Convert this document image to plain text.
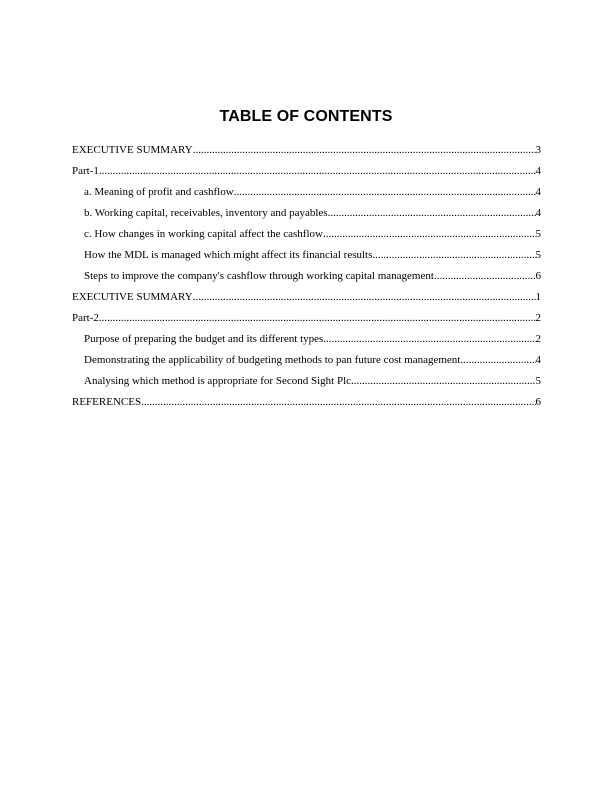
TABLE OF CONTENTS
EXECUTIVE SUMMARY .....	3
Part-1 .....	4
a. Meaning of profit and cashflow .....	4
b. Working capital, receivables, inventory and payables .....	4
c. How changes in working capital affect the cashflow .....	5
How the MDL is managed which might affect its financial results .....	5
Steps to improve the company's cashflow through working capital management .....	6
EXECUTIVE SUMMARY .....	1
Part-2 .....	2
Purpose of preparing the budget and its different types .....	2
Demonstrating the applicability of budgeting methods to pan future cost management .....	4
Analysing which method is appropriate for Second Sight Plc .....	5
REFERENCES .....	6
